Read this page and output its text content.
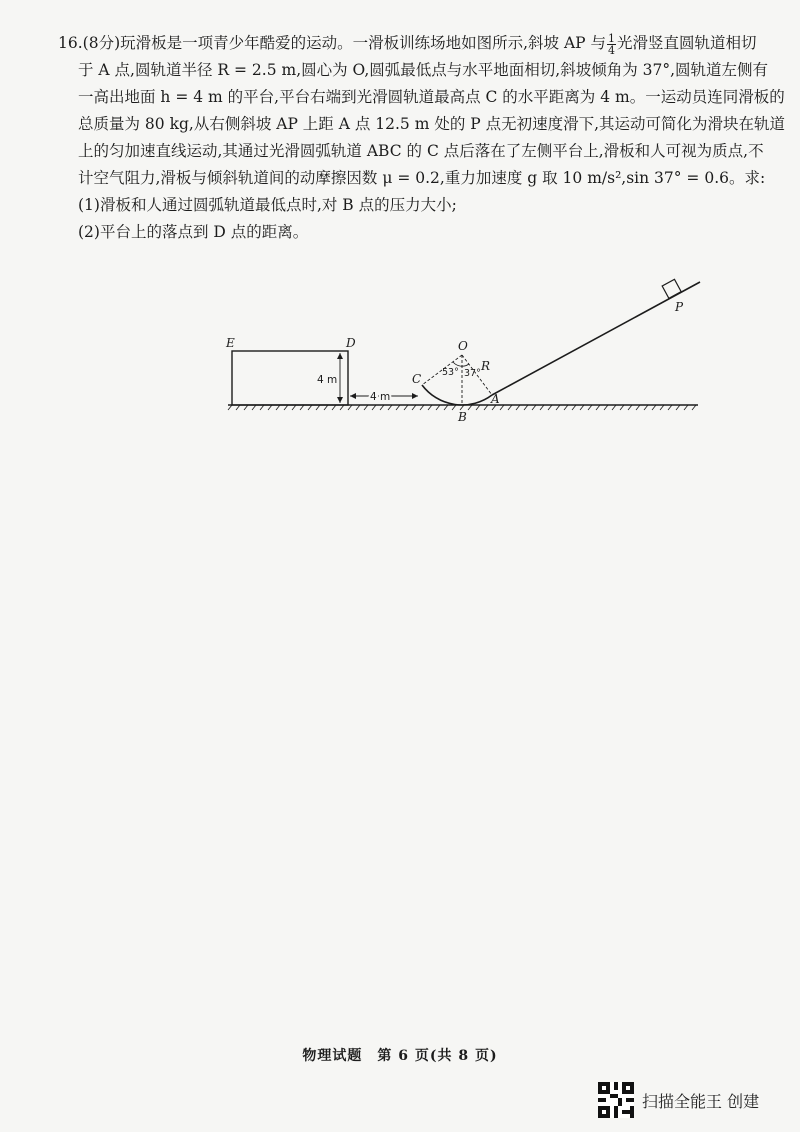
16.(8分)玩滑板是一项青少年酷爱的运动。一滑板训练场地如图所示,斜坡 AP 与 $\frac{1}{4}$ 光滑竖直圆轨道相切

于 A 点,圆轨道半径 R = 2.5 m,圆心为 O,圆弧最低点与水平地面相切,斜坡倾角为 37°,圆轨道左侧有

一高出地面 h = 4 m 的平台,平台右端到光滑圆轨道最高点 C 的水平距离为 4 m。一运动员连同滑板的

总质量为 80 kg,从右侧斜坡 AP 上距 A 点 12.5 m 处的 P 点无初速度滑下,其运动可简化为滑块在轨道

上的匀加速直线运动,其通过光滑圆弧轨道 ABC 的 C 点后落在了左侧平台上,滑板和人可视为质点,不

计空气阻力,滑板与倾斜轨道间的动摩擦因数 μ = 0.2,重力加速度 g 取 10 m/s²,sin 37° = 0.6。求:

(1)滑板和人通过圆弧轨道最低点时,对 B 点的压力大小;

(2)平台上的落点到 D 点的距离。

E	D
4 m
4 m
O
C
R
A
B
53° 37°
P
物理试题　第 6 页(共 8 页)
扫描全能王 创建
